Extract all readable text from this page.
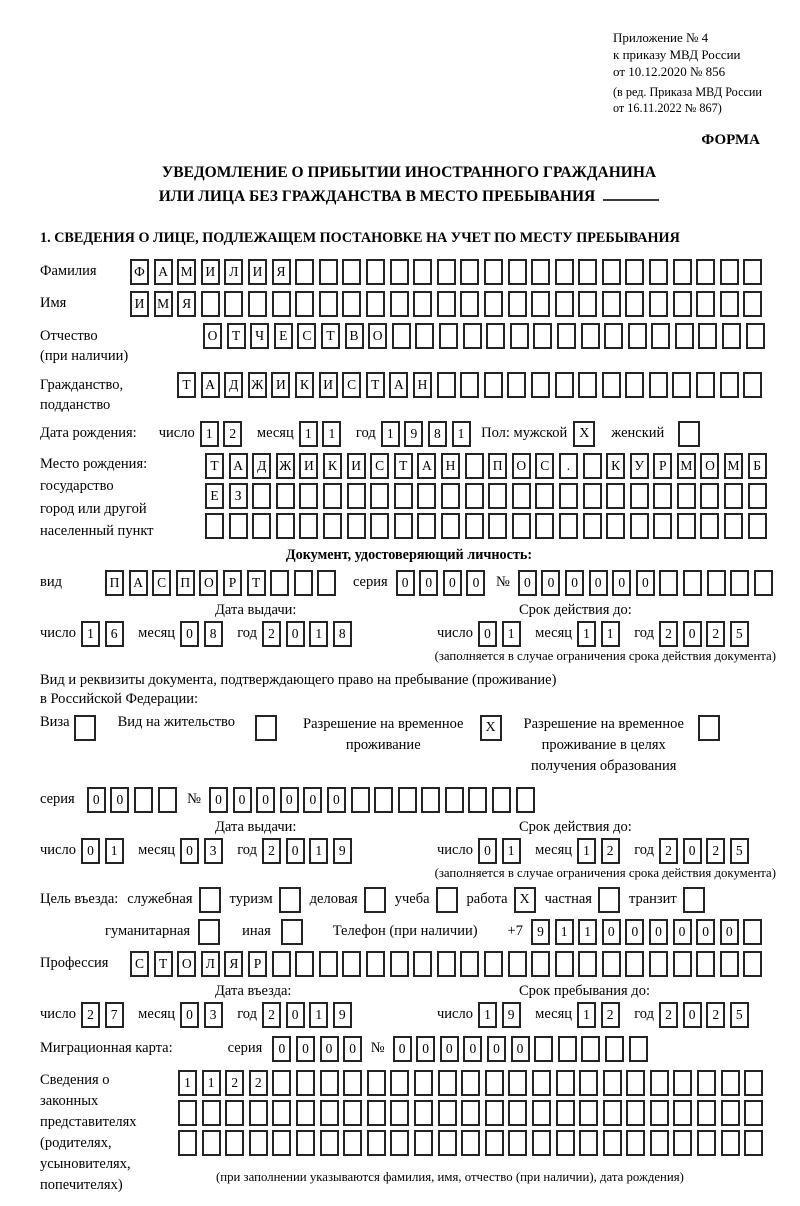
Приложение № 4
к приказу МВД России
от 10.12.2020 № 856
(в ред. Приказа МВД России
от 16.11.2022 № 867)
ФОРМА
УВЕДОМЛЕНИЕ О ПРИБЫТИИ ИНОСТРАННОГО ГРАЖДАНИНА
ИЛИ ЛИЦА БЕЗ ГРАЖДАНСТВА В МЕСТО ПРЕБЫВАНИЯ
1. СВЕДЕНИЯ О ЛИЦЕ, ПОДЛЕЖАЩЕМ ПОСТАНОВКЕ НА УЧЕТ ПО МЕСТУ ПРЕБЫВАНИЯ
Фамилия	Ф А М И	Л	И	Я
Имя	И М Я
Отчество
(при наличии)
О	Т	Ч	Е	С	Т	В	О
Гражданство,
подданство
Т	А	Д Ж И	К	И	С	Т	А	Н
Дата рождения: число 1	2	месяц 1	1	год 1	9	8	1	Пол: мужской X	женский
Место рождения:
государство
город или другой
населенный пункт
Т	А	Д Ж И	К	И	С	Т	А	Н	П	О	С	.	К	У	Р	М О М	Б
Е	З
Документ, удостоверяющий личность:
вид	П	А	С	П	О	Р	Т	серия	0	0	0	0	№	0	0	0	0	0	0
Дата выдачи:
число 1	6	месяц 0	8	год 2	0	1	8
Срок действия до:
число 0	1	месяц 1	1	год 2	0	2	5
(заполняется в случае ограничения срока действия документа)
Вид и реквизиты документа, подтверждающего право на пребывание (проживание)
в Российской Федерации:
Виза	Вид на жительство	Разрешение на временное
проживание
X	Разрешение на временное
проживание в целях
получения образования
серия	0	0	№	0	0	0	0	0	0
Дата выдачи:
число 0	1	месяц 0	3	год 2	0	1	9
Срок действия до:
число 0	1	месяц 1	2	год 2	0	2	5
(заполняется в случае ограничения срока действия документа)
Цель въезда: служебная	туризм	деловая	учеба	работа X	частная	транзит
гуманитарная	иная	Телефон (при наличии) +7	9	1	1	0	0	0	0	0	0
Профессия	С	Т	О	Л	Я	Р
Дата въезда:
число 2	7	месяц 0	3	год 2	0	1	9
Срок пребывания до:
число 1	9	месяц 1	2	год 2	0	2	5
Миграционная карта:	серия	0	0	0	0	№	0	0	0	0	0	0
Сведения о
законных
представителях
(родителях,
усыновителях,
попечителях)
1	1	2	2
(при заполнении указываются фамилия, имя, отчество (при наличии), дата рождения)
